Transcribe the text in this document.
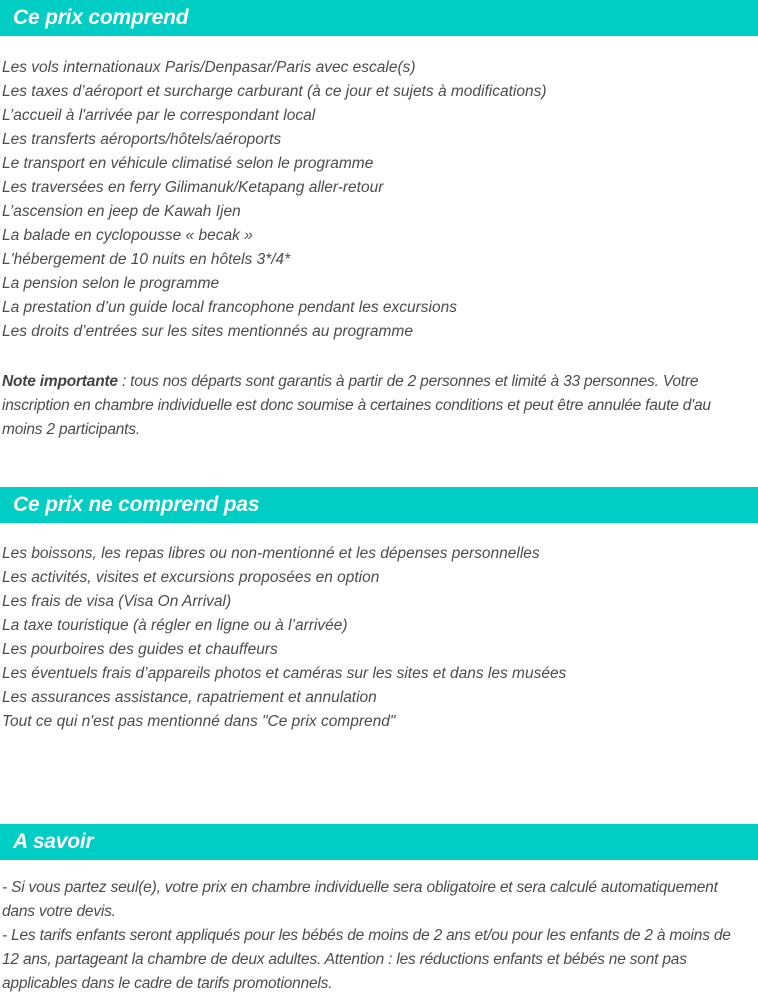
Ce prix comprend
Les vols internationaux Paris/Denpasar/Paris avec escale(s)
Les taxes d’aéroport et surcharge carburant (à ce jour et sujets à modifications)
L’accueil à l'arrivée par le correspondant local
Les transferts aéroports/hôtels/aéroports
Le transport en véhicule climatisé selon le programme
Les traversées en ferry Gilimanuk/Ketapang aller-retour
L’ascension en jeep de Kawah Ijen
La balade en cyclopousse « becak »
L'hébergement de 10 nuits en hôtels 3*/4*
La pension selon le programme
La prestation d’un guide local francophone pendant les excursions
Les droits d’entrées sur les sites mentionnés au programme

Note importante : tous nos départs sont garantis à partir de 2 personnes et limité à 33 personnes. Votre inscription en chambre individuelle est donc soumise à certaines conditions et peut être annulée faute d'au moins 2 participants.

Ce prix ne comprend pas
Les boissons, les repas libres ou non-mentionné et les dépenses personnelles
Les activités, visites et excursions proposées en option
Les frais de visa (Visa On Arrival)
La taxe touristique (à régler en ligne ou à l’arrivée)
Les pourboires des guides et chauffeurs
Les éventuels frais d’appareils photos et caméras sur les sites et dans les musées
Les assurances assistance, rapatriement et annulation
Tout ce qui n'est pas mentionné dans "Ce prix comprend"
A savoir

- Si vous partez seul(e), votre prix en chambre individuelle sera obligatoire et sera calculé automatiquement dans votre devis.

- Les tarifs enfants seront appliqués pour les bébés de moins de 2 ans et/ou pour les enfants de 2 à moins de 12 ans, partageant la chambre de deux adultes. Attention : les réductions enfants et bébés ne sont pas applicables dans le cadre de tarifs promotionnels.
